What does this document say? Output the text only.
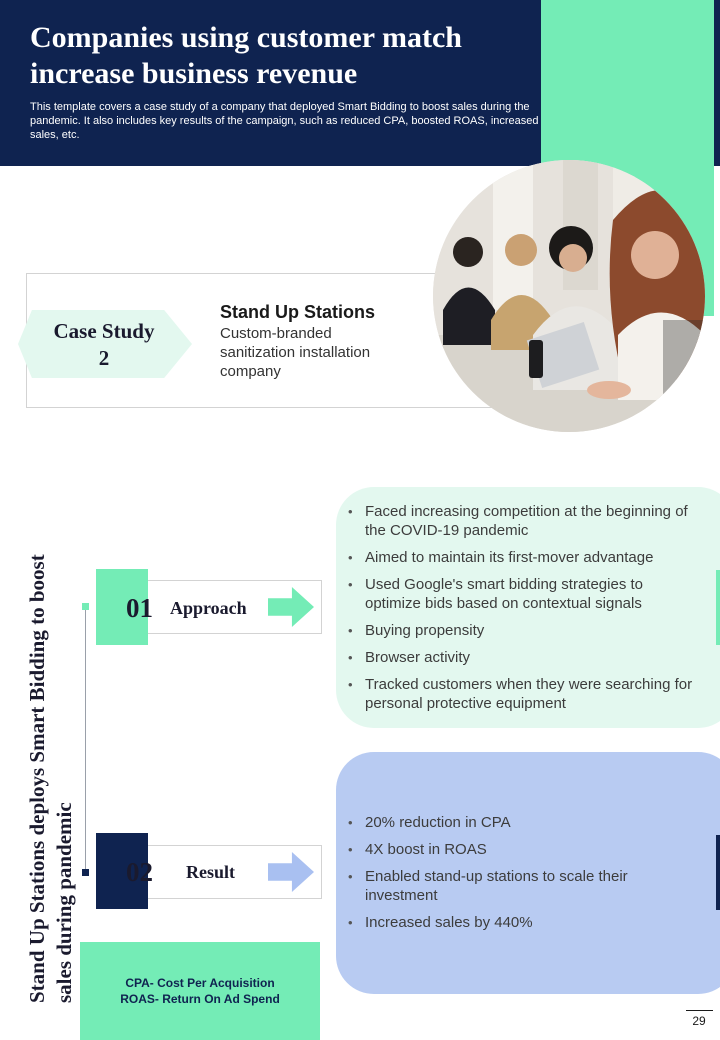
Companies using customer match increase business revenue

This template covers a case study of a company that deployed Smart Bidding to boost sales during the pandemic. It also includes key results of the campaign, such as reduced CPA, boosted ROAS, increased sales, etc.

Case Study
2
Stand Up Stations
Custom-branded sanitization installation company
Stand Up Stations deploys Smart Bidding to boost sales during pandemic
01 Approach
02 Result
• Faced increasing competition at the beginning of the COVID-19 pandemic
• Aimed to maintain its first-mover advantage
• Used Google's smart bidding strategies to optimize bids based on contextual signals
• Buying propensity
• Browser activity
• Tracked customers when they were searching for personal protective equipment
• 20% reduction in CPA
• 4X boost in ROAS
• Enabled stand-up stations to scale their investment
• Increased sales by 440%

CPA- Cost Per Acquisition
ROAS- Return On Ad Spend

29
